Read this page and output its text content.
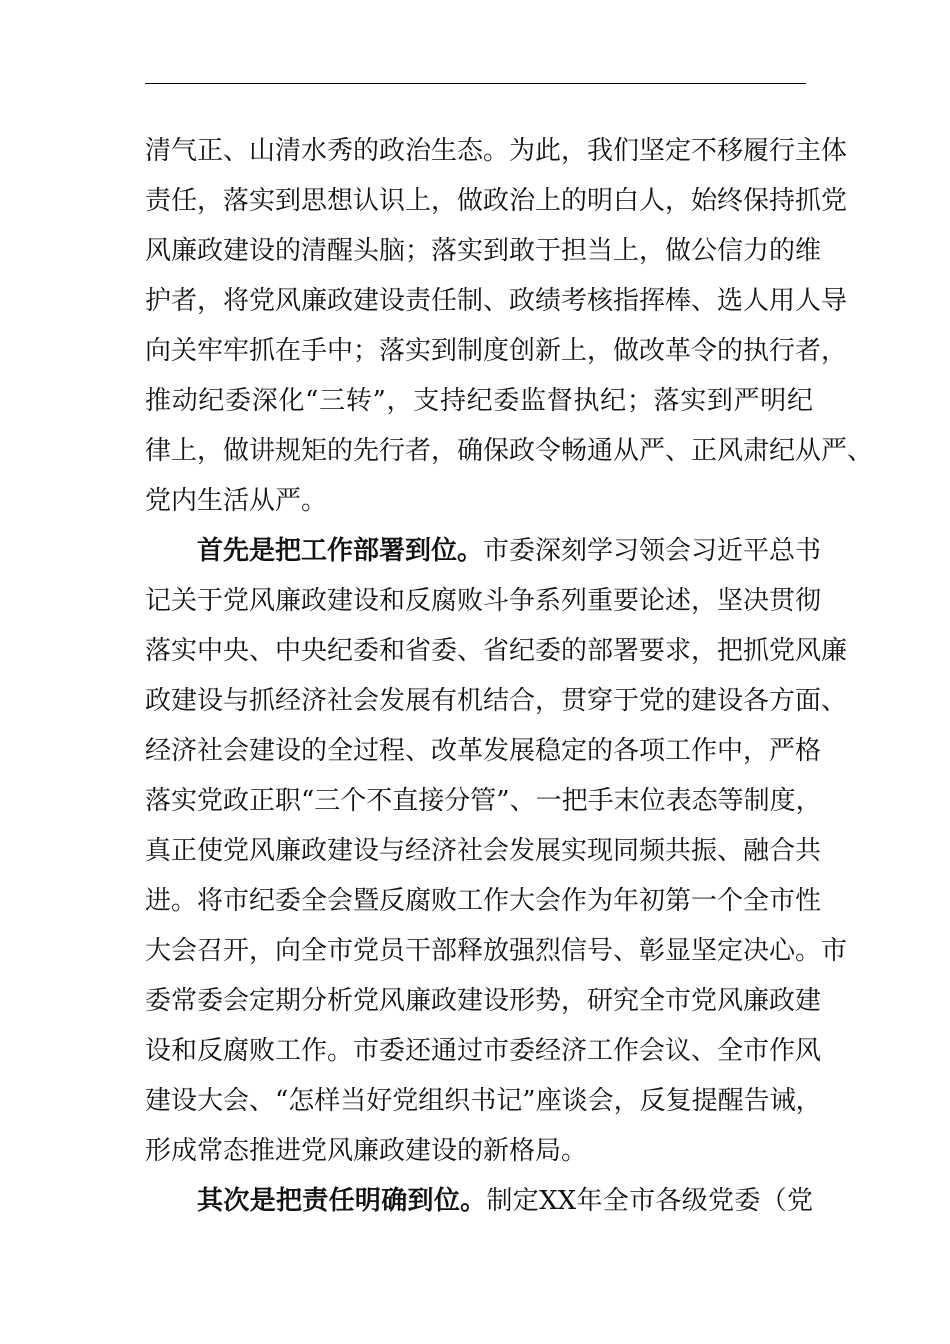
清气正、山清水秀的政治生态。为此，我们坚定不移履行主体
责任，落实到思想认识上，做政治上的明白人，始终保持抓党
风廉政建设的清醒头脑；落实到敢于担当上，做公信力的维
护者，将党风廉政建设责任制、政绩考核指挥棒、选人用人导
向关牢牢抓在手中；落实到制度创新上，做改革令的执行者，
推动纪委深化“三转”，支持纪委监督执纪；落实到严明纪
律上，做讲规矩的先行者，确保政令畅通从严、正风肃纪从严、
党内生活从严。
首先是把工作部署到位。市委深刻学习领会习近平总书
记关于党风廉政建设和反腐败斗争系列重要论述，坚决贯彻
落实中央、中央纪委和省委、省纪委的部署要求，把抓党风廉
政建设与抓经济社会发展有机结合，贯穿于党的建设各方面、
经济社会建设的全过程、改革发展稳定的各项工作中，严格
落实党政正职“三个不直接分管”、一把手末位表态等制度，
真正使党风廉政建设与经济社会发展实现同频共振、融合共
进。将市纪委全会暨反腐败工作大会作为年初第一个全市性
大会召开，向全市党员干部释放强烈信号、彰显坚定决心。市
委常委会定期分析党风廉政建设形势，研究全市党风廉政建
设和反腐败工作。市委还通过市委经济工作会议、全市作风
建设大会、“怎样当好党组织书记”座谈会，反复提醒告诫，
形成常态推进党风廉政建设的新格局。
其次是把责任明确到位。制定XX年全市各级党委（党
